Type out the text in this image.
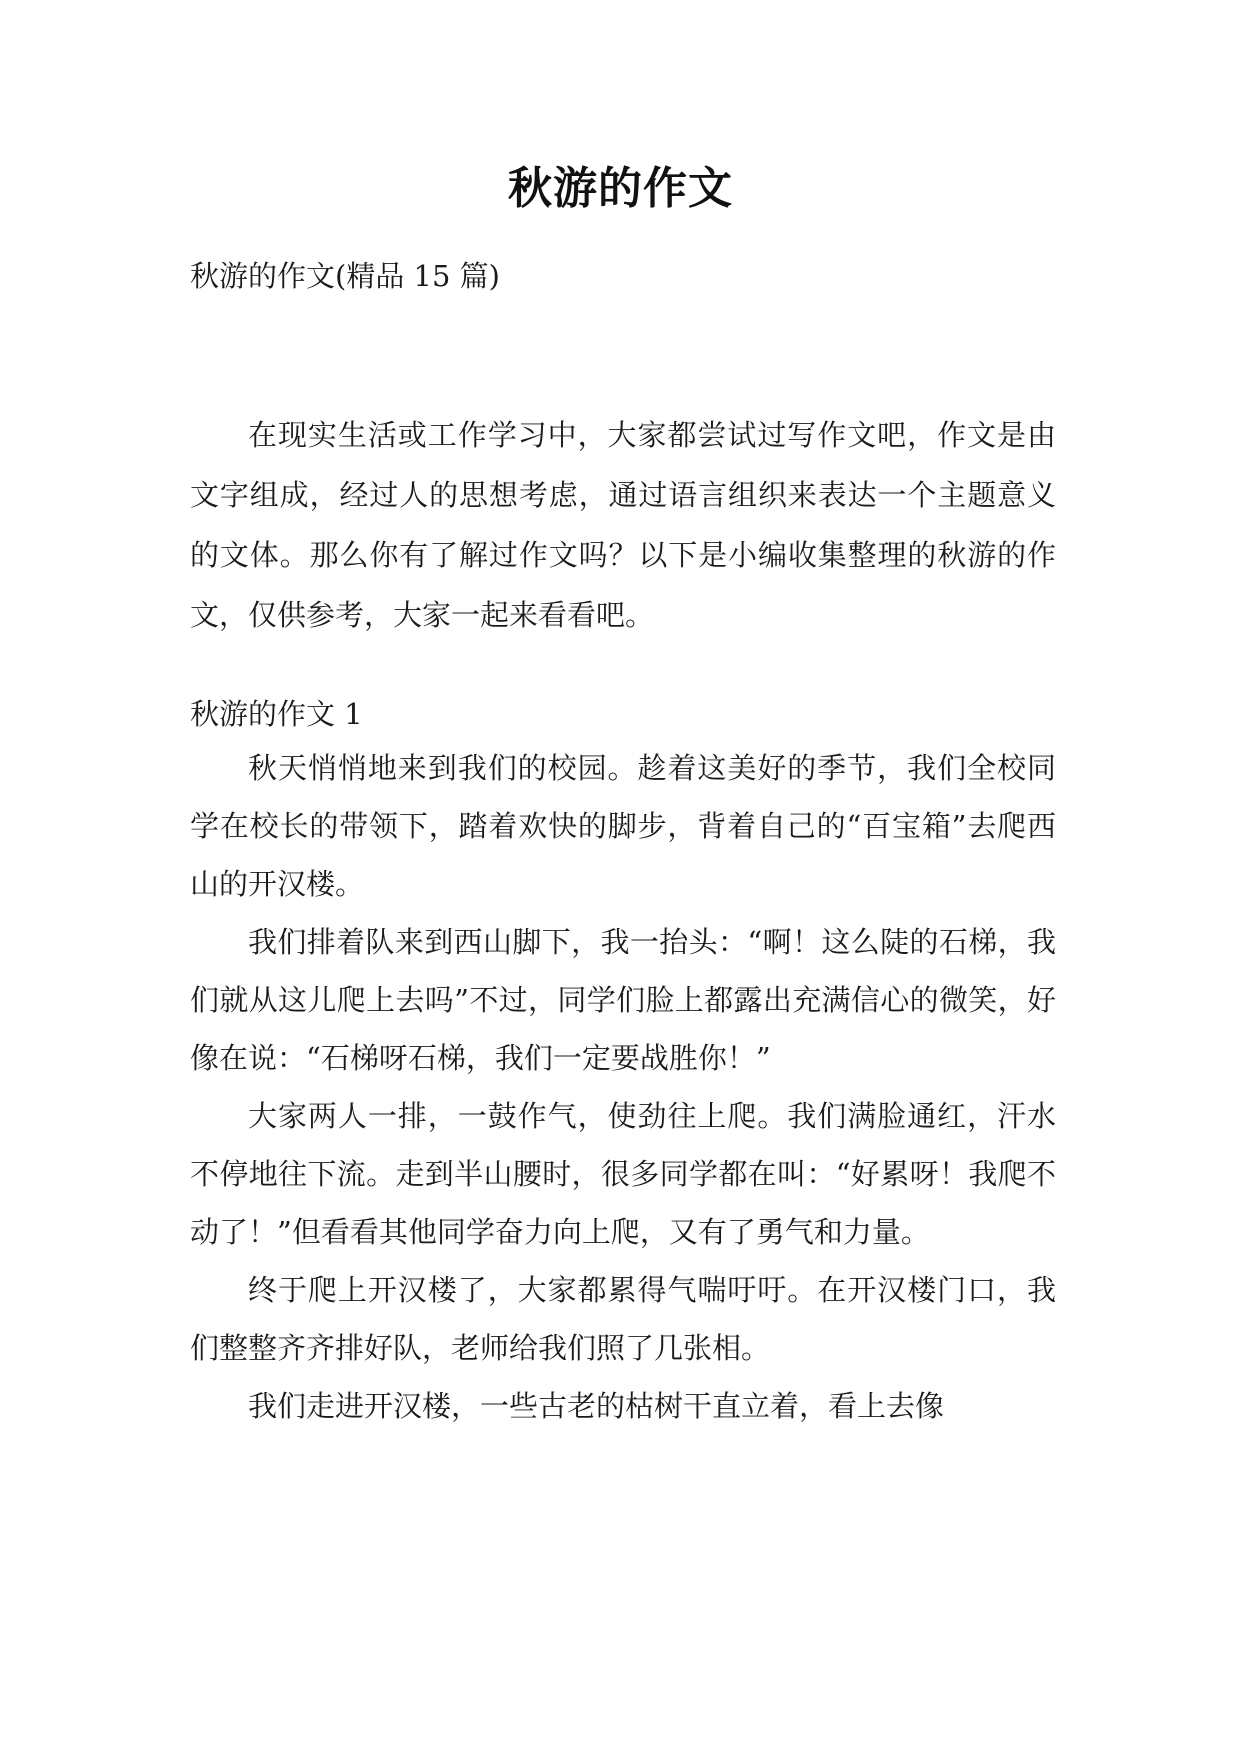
秋游的作文

秋游的作文(精品 15 篇)

在现实生活或工作学习中，大家都尝试过写作文吧，作文是由文字组成，经过人的思想考虑，通过语言组织来表达一个主题意义的文体。那么你有了解过作文吗？以下是小编收集整理的秋游的作文，仅供参考，大家一起来看看吧。

秋游的作文 1

秋天悄悄地来到我们的校园。趁着这美好的季节，我们全校同学在校长的带领下，踏着欢快的脚步，背着自己的“百宝箱”去爬西山的开汉楼。

我们排着队来到西山脚下，我一抬头：“啊！这么陡的石梯，我们就从这儿爬上去吗”不过，同学们脸上都露出充满信心的微笑，好像在说：“石梯呀石梯，我们一定要战胜你！”

大家两人一排，一鼓作气，使劲往上爬。我们满脸通红，汗水不停地往下流。走到半山腰时，很多同学都在叫：“好累呀！我爬不动了！”但看看其他同学奋力向上爬，又有了勇气和力量。

终于爬上开汉楼了，大家都累得气喘吁吁。在开汉楼门口，我们整整齐齐排好队，老师给我们照了几张相。

我们走进开汉楼，一些古老的枯树干直立着，看上去像
